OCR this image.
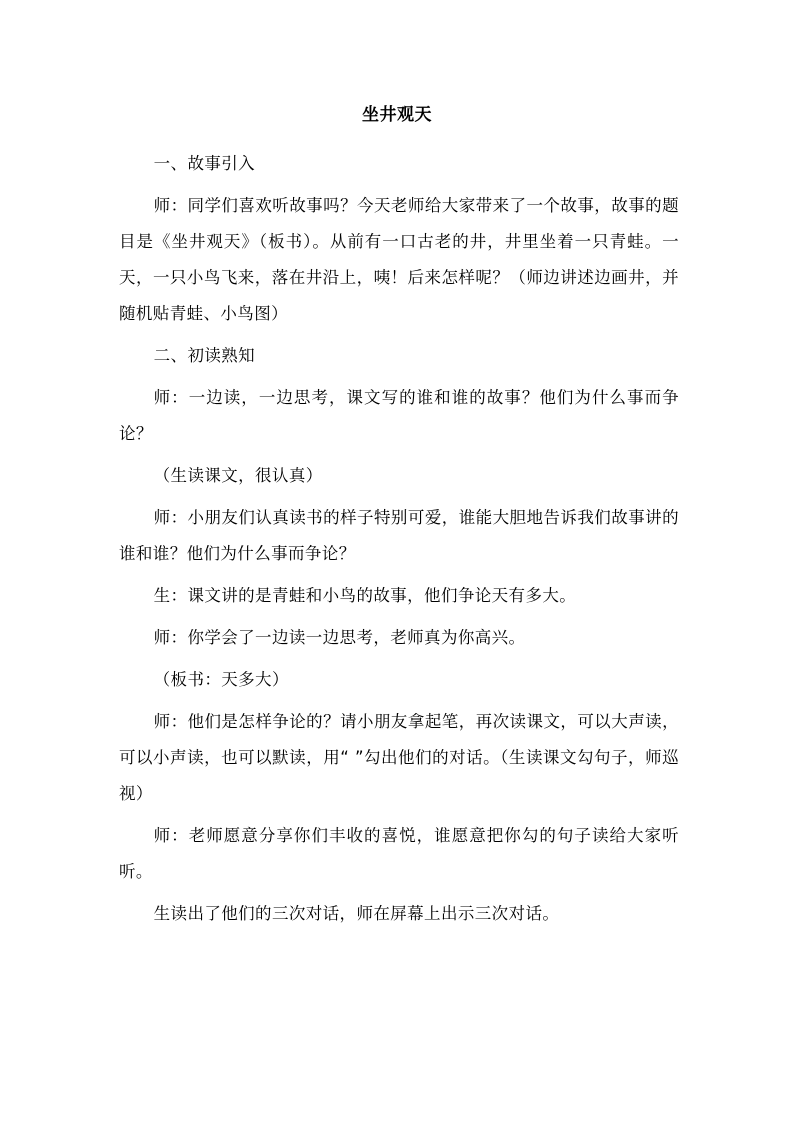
坐井观天

一、故事引入

师：同学们喜欢听故事吗？今天老师给大家带来了一个故事，故事的题目是《坐井观天》（板书）。从前有一口古老的井，井里坐着一只青蛙。一天，一只小鸟飞来，落在井沿上，咦！后来怎样呢？（师边讲述边画井，并随机贴青蛙、小鸟图）

二、初读熟知

师：一边读，一边思考，课文写的谁和谁的故事？他们为什么事而争论？

（生读课文，很认真）

师：小朋友们认真读书的样子特别可爱，谁能大胆地告诉我们故事讲的谁和谁？他们为什么事而争论？

生：课文讲的是青蛙和小鸟的故事，他们争论天有多大。

师：你学会了一边读一边思考，老师真为你高兴。

（板书：天多大）

师：他们是怎样争论的？请小朋友拿起笔，再次读课文，可以大声读，可以小声读，也可以默读，用“ ”勾出他们的对话。（生读课文勾句子，师巡视）

师：老师愿意分享你们丰收的喜悦，谁愿意把你勾的句子读给大家听听。

生读出了他们的三次对话，师在屏幕上出示三次对话。
